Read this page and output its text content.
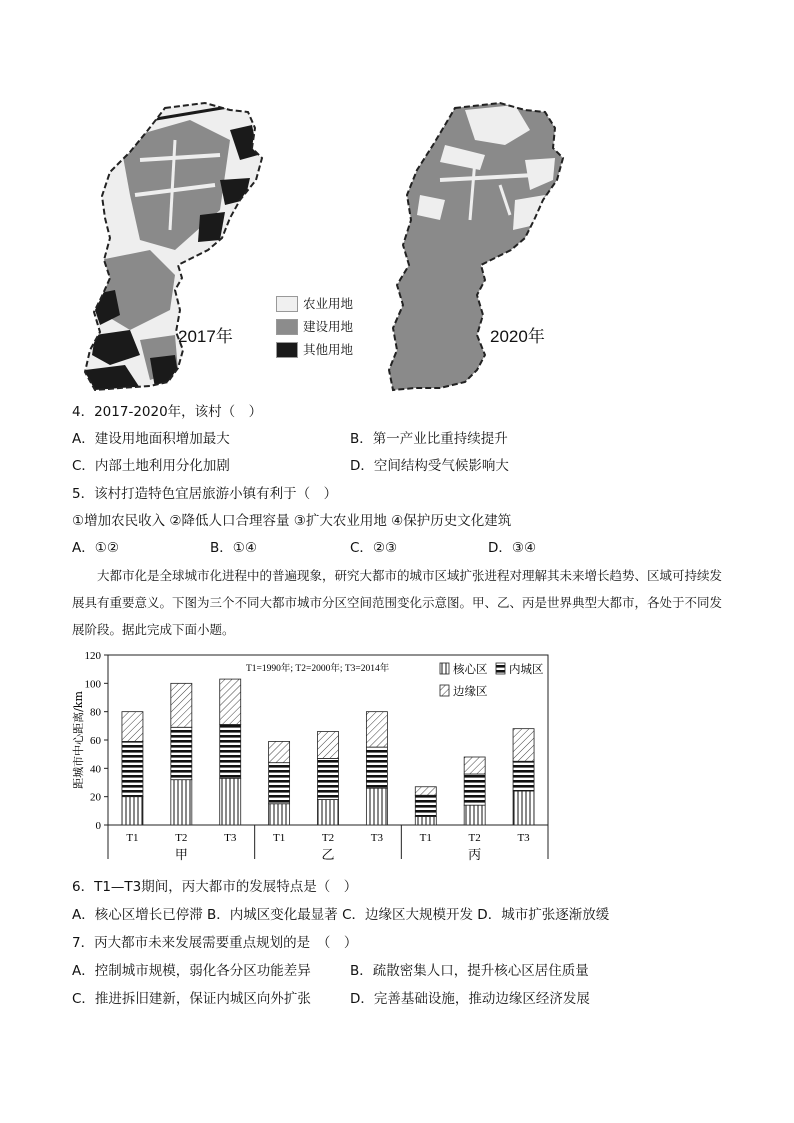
2017年
农业用地
建设用地
其他用地
2020年
4．2017-2020年，该村（　）
A．建设用地面积增加最大	B．第一产业比重持续提升
C．内部土地利用分化加剧	D．空间结构受气候影响大
5．该村打造特色宜居旅游小镇有利于（　）
①增加农民收入 ②降低人口合理容量 ③扩大农业用地 ④保护历史文化建筑
A．①②	B．①④	C．②③	D．③④

大都市化是全球城市化进程中的普遍现象，研究大都市的城市区域扩张进程对理解其未来增长趋势、区域可持续发展具有重要意义。下图为三个不同大都市城市分区空间范围变化示意图。甲、乙、丙是世界典型大都市，各处于不同发展阶段。据此完成下面小题。

0
20
40
60
80
100
120
距城市中心距离/km
T1	T2	T3	T1	T2	T3	T1	T2	T3
甲	乙	丙
T1=1990年; T2=2000年; T3=2014年	核心区 内城区
边缘区
6．T1—T3期间，丙大都市的发展特点是（　）
A．核心区增长已停滞 B．内城区变化最显著 C．边缘区大规模开发 D．城市扩张逐渐放缓
7．丙大都市未来发展需要重点规划的是　（　）
A．控制城市规模，弱化各分区功能差异	B．疏散密集人口，提升核心区居住质量
C．推进拆旧建新，保证内城区向外扩张	D．完善基础设施，推动边缘区经济发展
